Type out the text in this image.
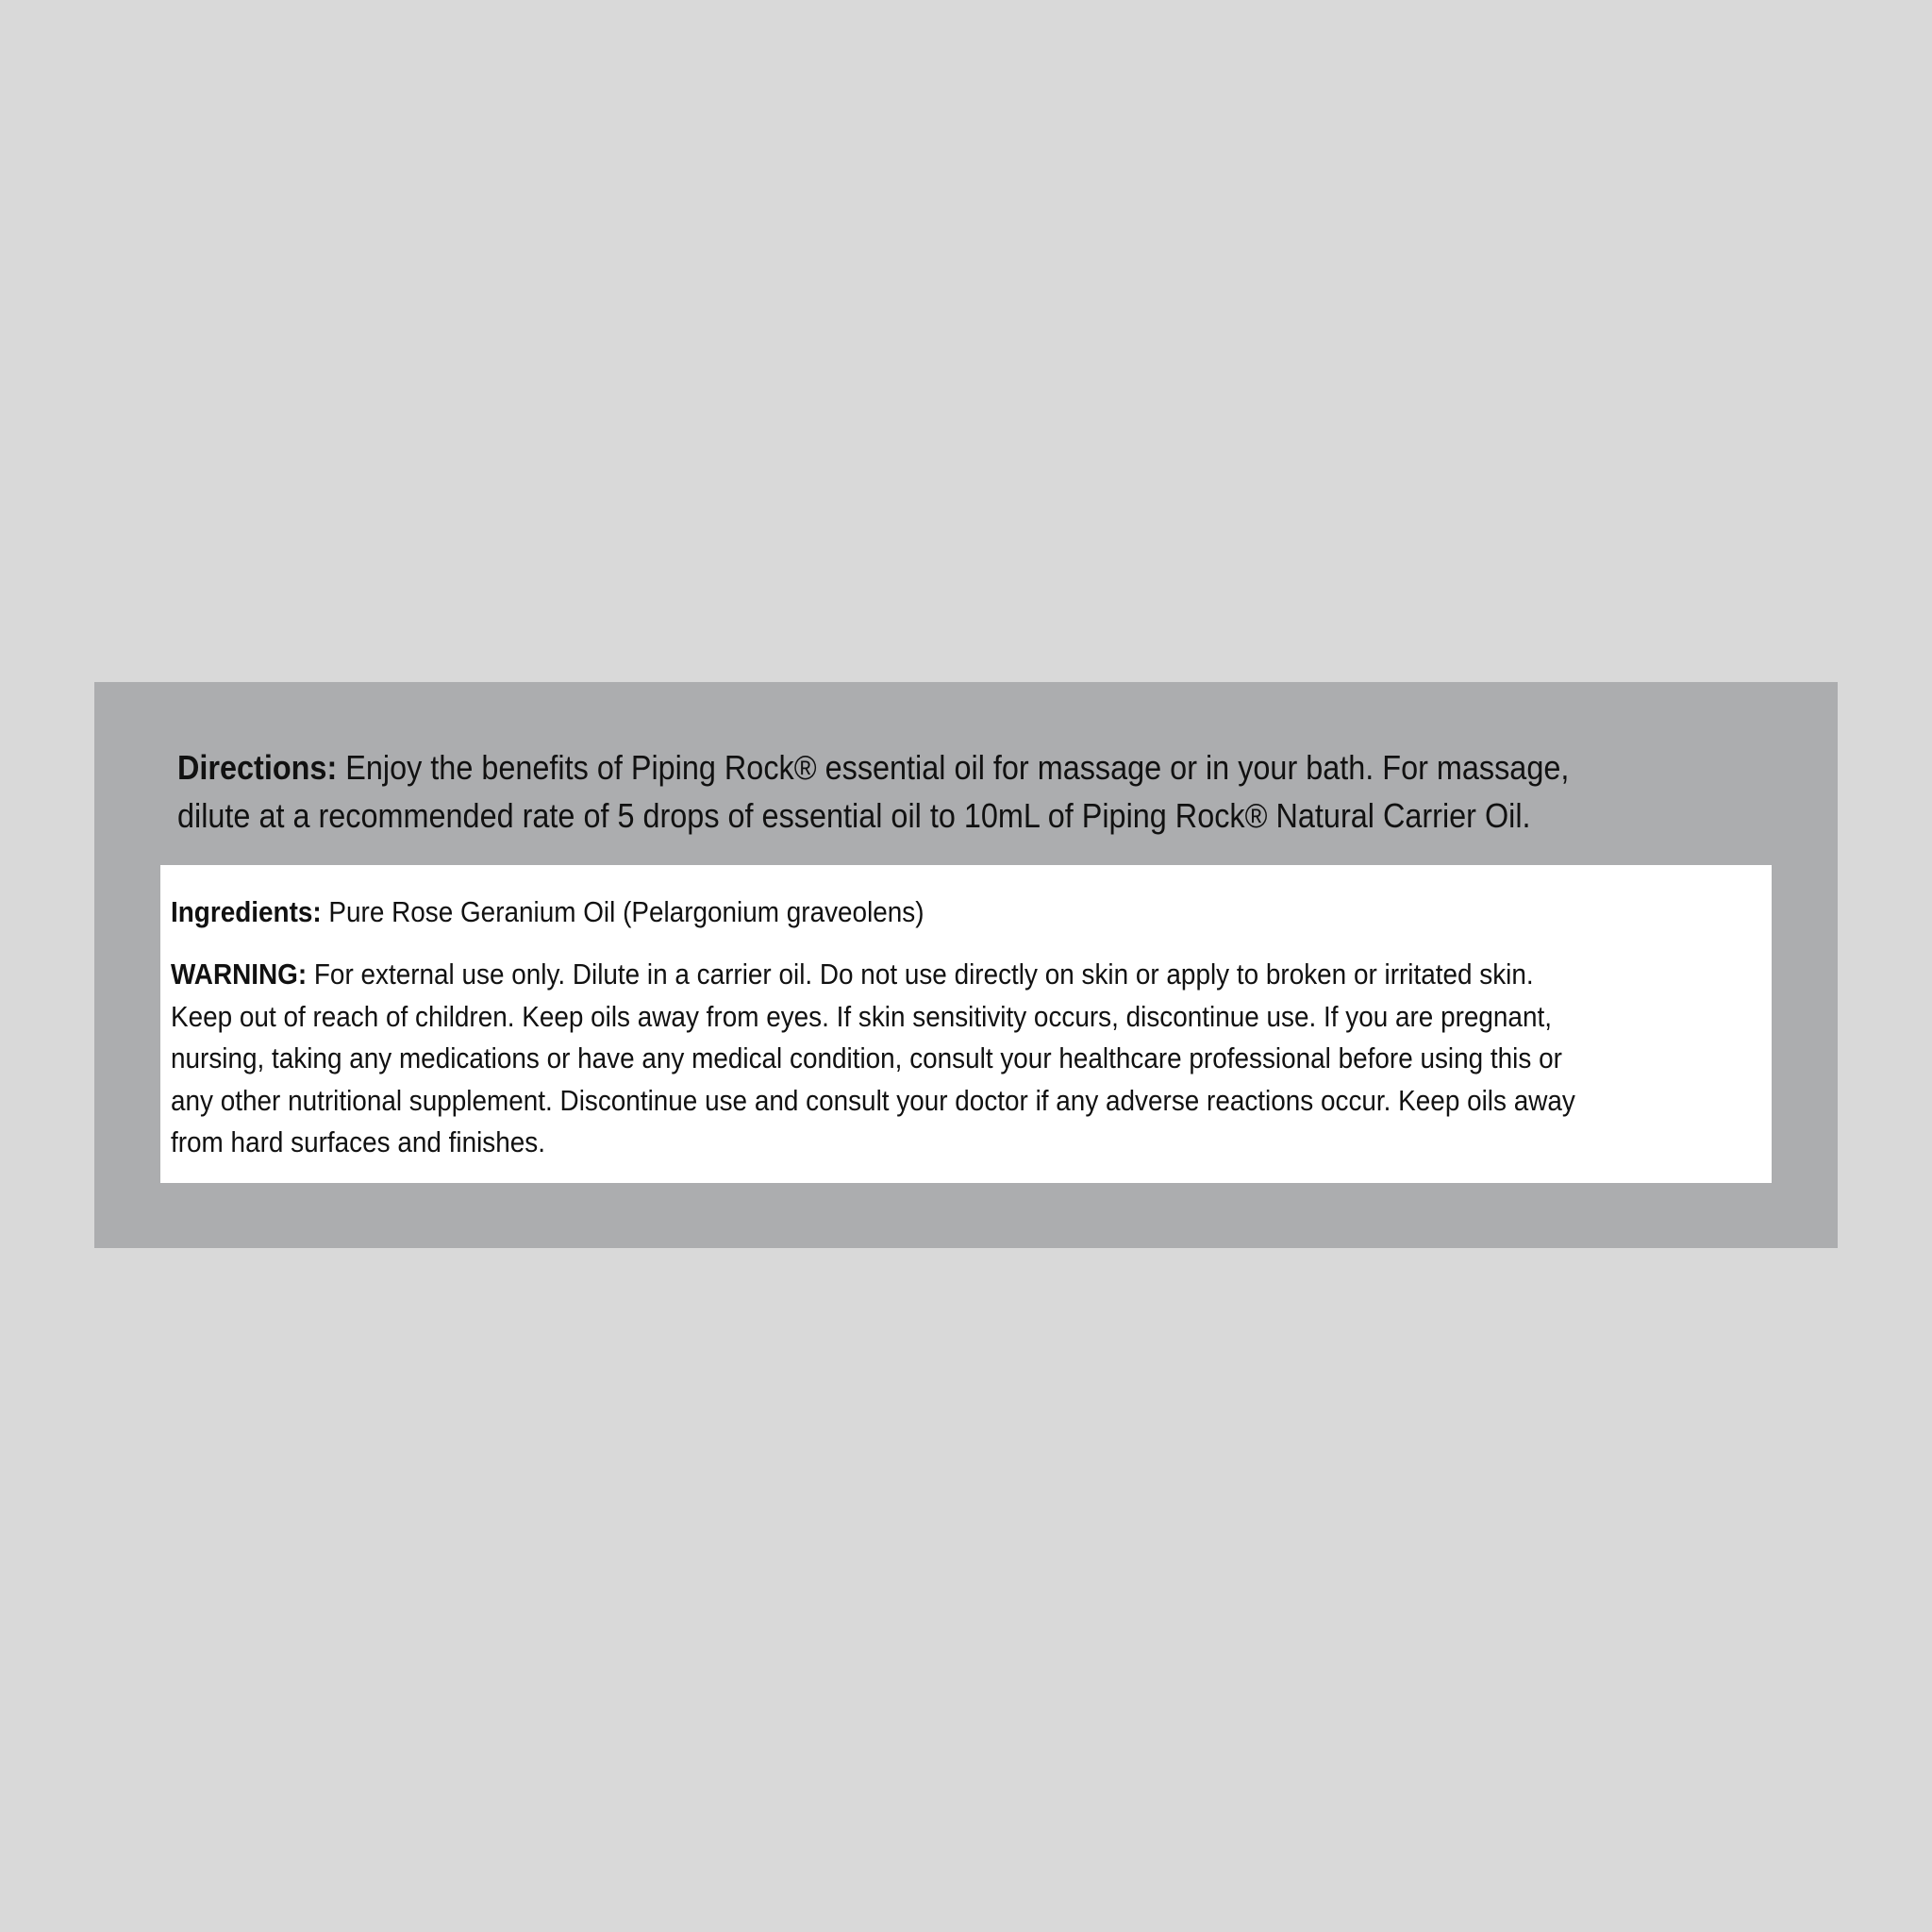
Directions: Enjoy the benefits of Piping Rock® essential oil for massage or in your bath. For massage,
dilute at a recommended rate of 5 drops of essential oil to 10mL of Piping Rock® Natural Carrier Oil.
Ingredients: Pure Rose Geranium Oil (Pelargonium graveolens)
WARNING: For external use only. Dilute in a carrier oil. Do not use directly on skin or apply to broken or irritated skin.
Keep out of reach of children. Keep oils away from eyes. If skin sensitivity occurs, discontinue use. If you are pregnant,
nursing, taking any medications or have any medical condition, consult your healthcare professional before using this or
any other nutritional supplement. Discontinue use and consult your doctor if any adverse reactions occur. Keep oils away
from hard surfaces and finishes.
